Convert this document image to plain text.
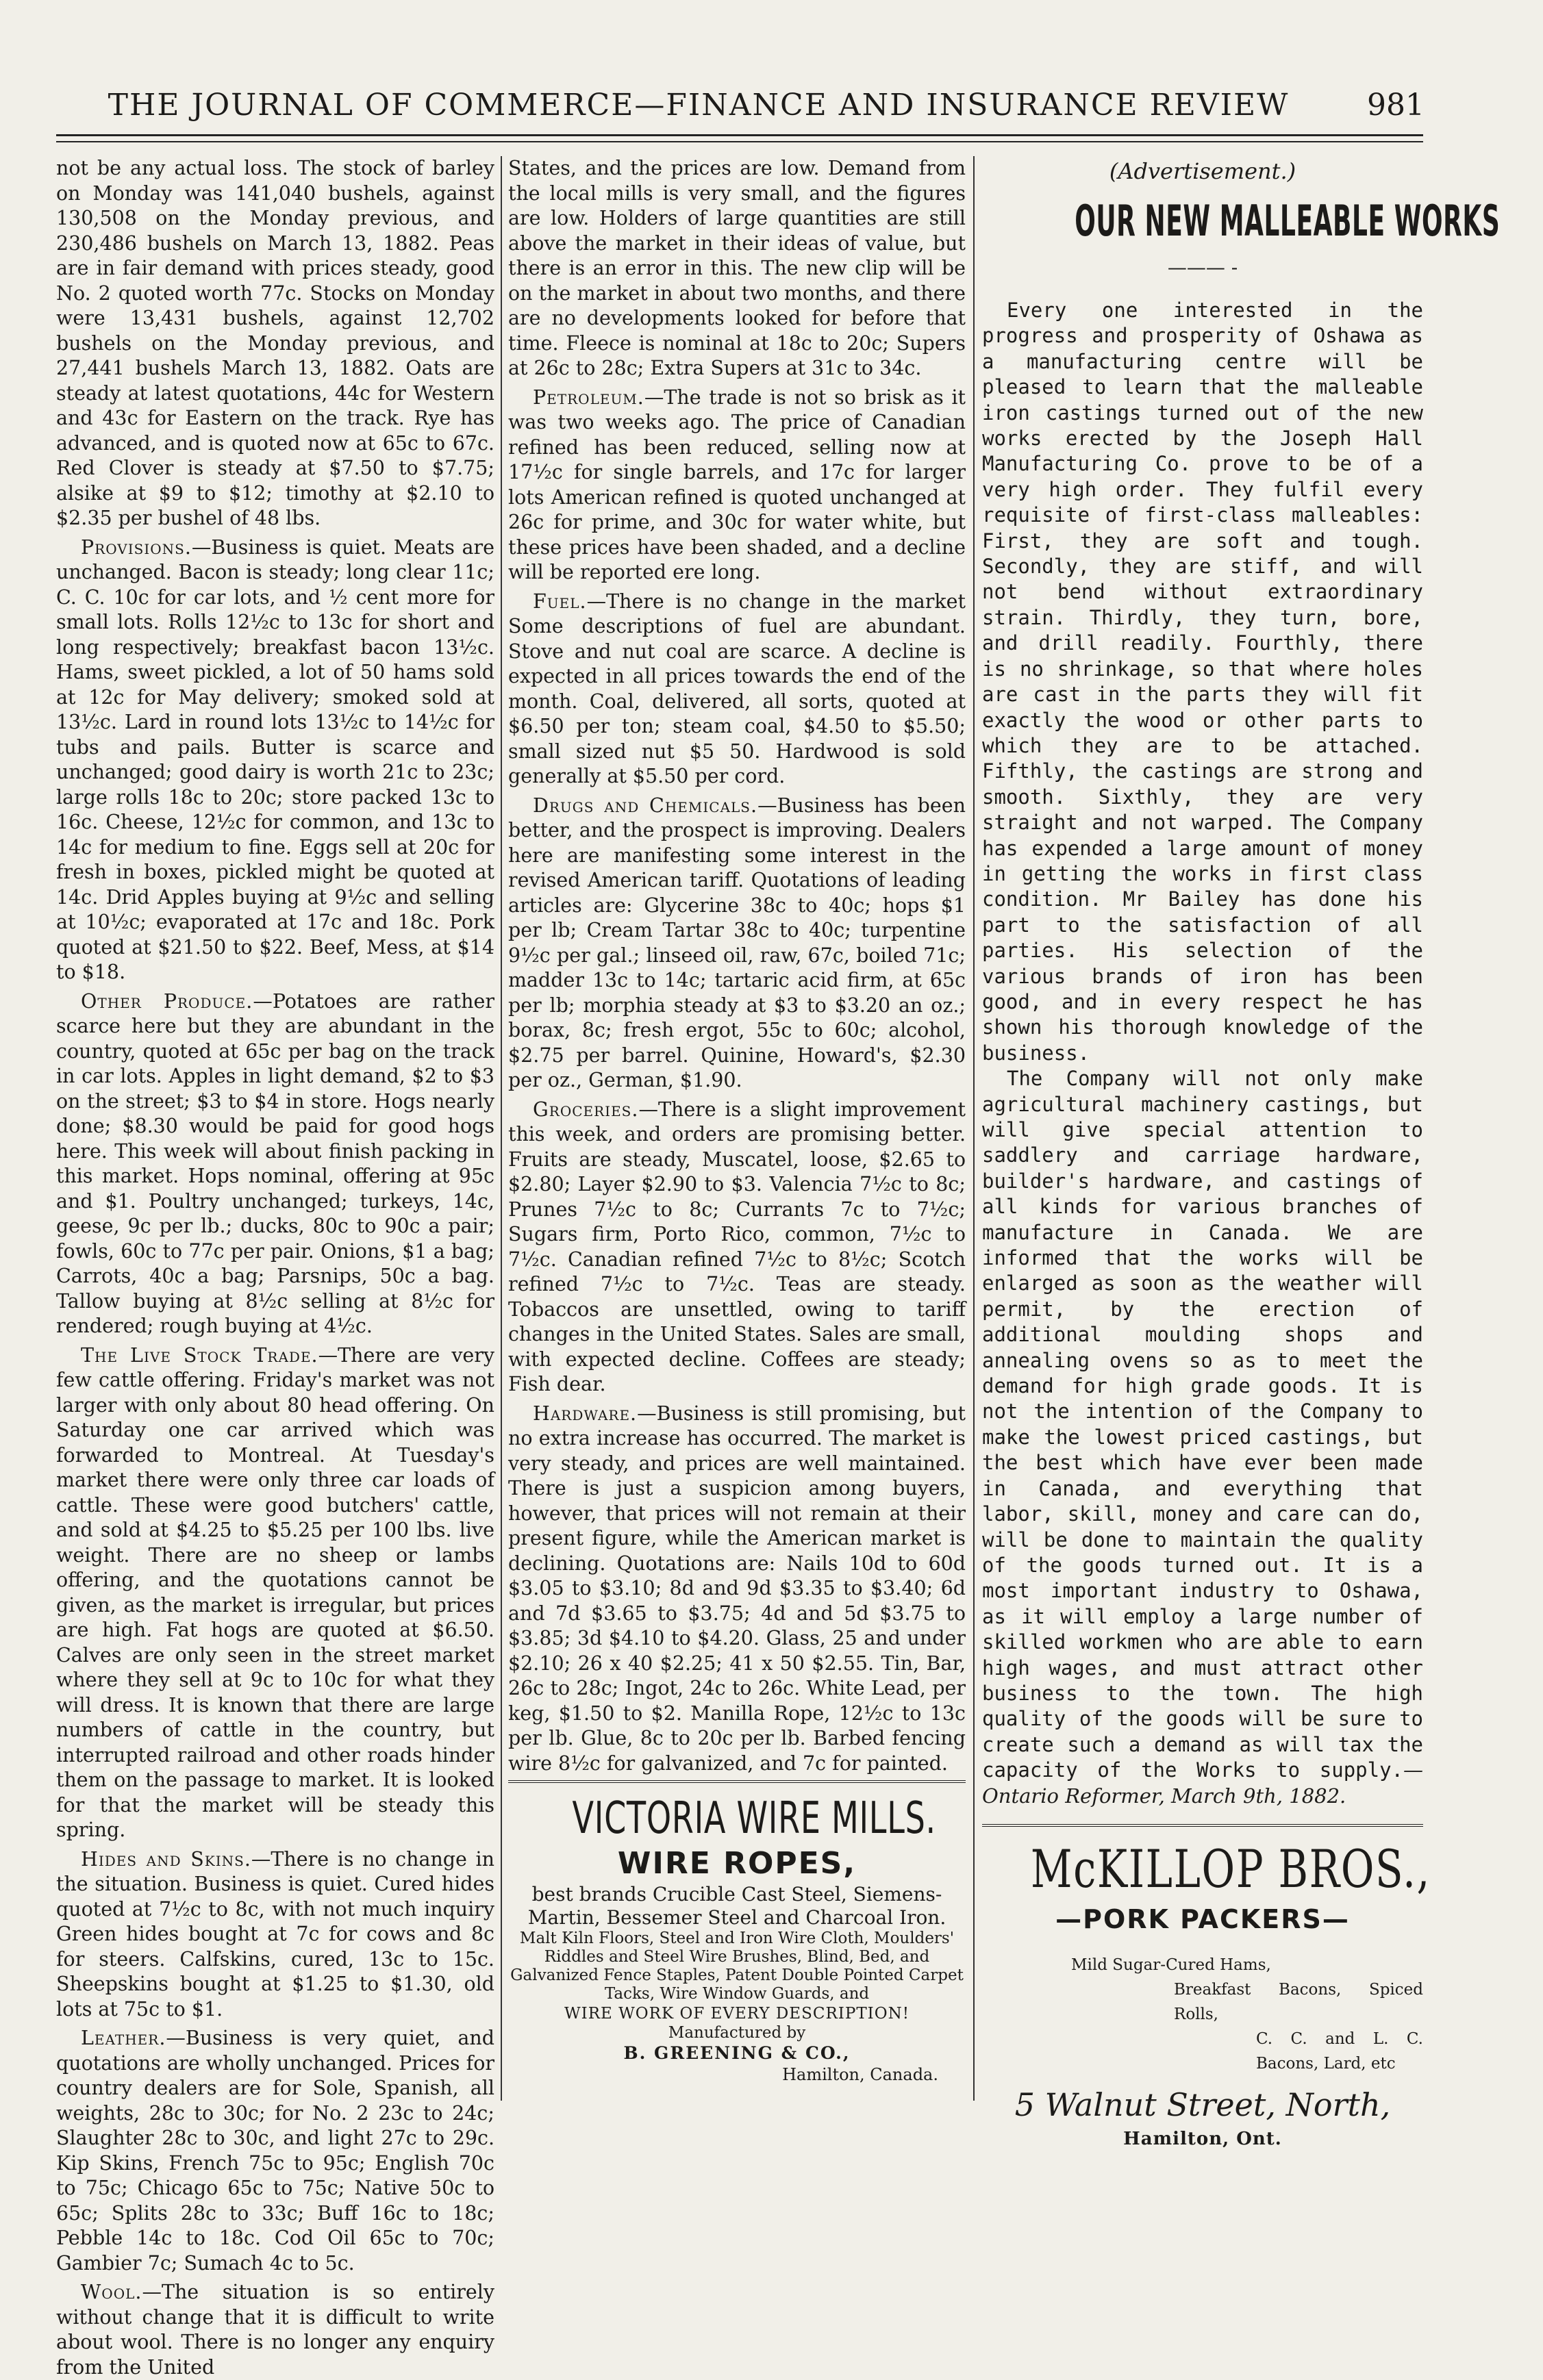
THE JOURNAL OF COMMERCE—FINANCE AND INSURANCE REVIEW	981

not be any actual loss. The stock of barley on Monday was 141,040 bushels, against 130,508 on the Monday previous, and 230,486 bushels on March 13, 1882. Peas are in fair demand with prices steady, good No. 2 quoted worth 77c. Stocks on Monday were 13,431 bushels, against 12,702 bushels on the Monday previous, and 27,441 bushels March 13, 1882. Oats are steady at latest quotations, 44c for Western and 43c for Eastern on the track. Rye has advanced, and is quoted now at 65c to 67c. Red Clover is steady at $7.50 to $7.75; alsike at $9 to $12; timothy at $2.10 to $2.35 per bushel of 48 lbs.

Provisions.—Business is quiet. Meats are unchanged. Bacon is steady; long clear 11c; C. C. 10c for car lots, and ½ cent more for small lots. Rolls 12½c to 13c for short and long respectively; breakfast bacon 13½c. Hams, sweet pickled, a lot of 50 hams sold at 12c for May delivery; smoked sold at 13½c. Lard in round lots 13½c to 14½c for tubs and pails. Butter is scarce and unchanged; good dairy is worth 21c to 23c; large rolls 18c to 20c; store packed 13c to 16c. Cheese, 12½c for common, and 13c to 14c for medium to fine. Eggs sell at 20c for fresh in boxes, pickled might be quoted at 14c. Drid Apples buying at 9½c and selling at 10½c; evaporated at 17c and 18c. Pork quoted at $21.50 to $22. Beef, Mess, at $14 to $18.

Other Produce.—Potatoes are rather scarce here but they are abundant in the country, quoted at 65c per bag on the track in car lots. Apples in light demand, $2 to $3 on the street; $3 to $4 in store. Hogs nearly done; $8.30 would be paid for good hogs here. This week will about finish packing in this market. Hops nominal, offering at 95c and $1. Poultry unchanged; turkeys, 14c, geese, 9c per lb.; ducks, 80c to 90c a pair; fowls, 60c to 77c per pair. Onions, $1 a bag; Carrots, 40c a bag; Parsnips, 50c a bag. Tallow buying at 8½c selling at 8½c for rendered; rough buying at 4½c.

The Live Stock Trade.—There are very few cattle offering. Friday's market was not larger with only about 80 head offering. On Saturday one car arrived which was forwarded to Montreal. At Tuesday's market there were only three car loads of cattle. These were good butchers' cattle, and sold at $4.25 to $5.25 per 100 lbs. live weight. There are no sheep or lambs offering, and the quotations cannot be given, as the market is irregular, but prices are high. Fat hogs are quoted at $6.50. Calves are only seen in the street market where they sell at 9c to 10c for what they will dress. It is known that there are large numbers of cattle in the country, but interrupted railroad and other roads hinder them on the passage to market. It is looked for that the market will be steady this spring.

Hides and Skins.—There is no change in the situation. Business is quiet. Cured hides quoted at 7½c to 8c, with not much inquiry Green hides bought at 7c for cows and 8c for steers. Calfskins, cured, 13c to 15c. Sheepskins bought at $1.25 to $1.30, old lots at 75c to $1.

Leather.—Business is very quiet, and quotations are wholly unchanged. Prices for country dealers are for Sole, Spanish, all weights, 28c to 30c; for No. 2 23c to 24c; Slaughter 28c to 30c, and light 27c to 29c. Kip Skins, French 75c to 95c; English 70c to 75c; Chicago 65c to 75c; Native 50c to 65c; Splits 28c to 33c; Buff 16c to 18c; Pebble 14c to 18c. Cod Oil 65c to 70c; Gambier 7c; Sumach 4c to 5c.

Wool.—The situation is so entirely without change that it is difficult to write about wool. There is no longer any enquiry from the United

States, and the prices are low. Demand from the local mills is very small, and the figures are low. Holders of large quantities are still above the market in their ideas of value, but there is an error in this. The new clip will be on the market in about two months, and there are no developments looked for before that time. Fleece is nominal at 18c to 20c; Supers at 26c to 28c; Extra Supers at 31c to 34c.

Petroleum.—The trade is not so brisk as it was two weeks ago. The price of Canadian refined has been reduced, selling now at 17½c for single barrels, and 17c for larger lots American refined is quoted unchanged at 26c for prime, and 30c for water white, but these prices have been shaded, and a decline will be reported ere long.

Fuel.—There is no change in the market Some descriptions of fuel are abundant. Stove and nut coal are scarce. A decline is expected in all prices towards the end of the month. Coal, delivered, all sorts, quoted at $6.50 per ton; steam coal, $4.50 to $5.50; small sized nut $5 50. Hardwood is sold generally at $5.50 per cord.

Drugs and Chemicals.—Business has been better, and the prospect is improving. Dealers here are manifesting some interest in the revised American tariff. Quotations of leading articles are: Glycerine 38c to 40c; hops $1 per lb; Cream Tartar 38c to 40c; turpentine 9½c per gal.; linseed oil, raw, 67c, boiled 71c; madder 13c to 14c; tartaric acid firm, at 65c per lb; morphia steady at $3 to $3.20 an oz.; borax, 8c; fresh ergot, 55c to 60c; alcohol, $2.75 per barrel. Quinine, Howard's, $2.30 per oz., German, $1.90.

Groceries.—There is a slight improvement this week, and orders are promising better. Fruits are steady, Muscatel, loose, $2.65 to $2.80; Layer $2.90 to $3. Valencia 7½c to 8c; Prunes 7½c to 8c; Currants 7c to 7½c; Sugars firm, Porto Rico, common, 7½c to 7½c. Canadian refined 7½c to 8½c; Scotch refined 7½c to 7½c. Teas are steady. Tobaccos are unsettled, owing to tariff changes in the United States. Sales are small, with expected decline. Coffees are steady; Fish dear.

Hardware.—Business is still promising, but no extra increase has occurred. The market is very steady, and prices are well maintained. There is just a suspicion among buyers, however, that prices will not remain at their present figure, while the American market is declining. Quotations are: Nails 10d to 60d $3.05 to $3.10; 8d and 9d $3.35 to $3.40; 6d and 7d $3.65 to $3.75; 4d and 5d $3.75 to $3.85; 3d $4.10 to $4.20. Glass, 25 and under $2.10; 26 x 40 $2.25; 41 x 50 $2.55. Tin, Bar, 26c to 28c; Ingot, 24c to 26c. White Lead, per keg, $1.50 to $2. Manilla Rope, 12½c to 13c per lb. Glue, 8c to 20c per lb. Barbed fencing wire 8½c for galvanized, and 7c for painted.

VICTORIA WIRE MILLS.
WIRE ROPES,
best brands Crucible Cast Steel, Siemens-Martin, Bessemer Steel and Charcoal Iron.
Malt Kiln Floors, Steel and Iron Wire Cloth, Moulders' Riddles and Steel Wire Brushes, Blind, Bed, and Galvanized Fence Staples, Patent Double Pointed Carpet Tacks, Wire Window Guards, and
WIRE WORK OF EVERY DESCRIPTION!
Manufactured by
B. GREENING & CO.,
Hamilton, Canada.
(Advertisement.)
OUR NEW MALLEABLE WORKS
——— -

Every one interested in the progress and prosperity of Oshawa as a manufacturing centre will be pleased to learn that the malleable iron castings turned out of the new works erected by the Joseph Hall Manufacturing Co. prove to be of a very high order. They fulfil every requisite of first-class malleables: First, they are soft and tough. Secondly, they are stiff, and will not bend without extraordinary strain. Thirdly, they turn, bore, and drill readily. Fourthly, there is no shrinkage, so that where holes are cast in the parts they will fit exactly the wood or other parts to which they are to be attached. Fifthly, the castings are strong and smooth. Sixthly, they are very straight and not warped. The Company has expended a large amount of money in getting the works in first class condition. Mr Bailey has done his part to the satisfaction of all parties. His selection of the various brands of iron has been good, and in every respect he has shown his thorough knowledge of the business.

The Company will not only make agricultural machinery castings, but will give special attention to saddlery and carriage hardware, builder's hardware, and castings of all kinds for various branches of manufacture in Canada. We are informed that the works will be enlarged as soon as the weather will permit, by the erection of additional moulding shops and annealing ovens so as to meet the demand for high grade goods. It is not the intention of the Company to make the lowest priced castings, but the best which have ever been made in Canada, and everything that labor, skill, money and care can do, will be done to maintain the quality of the goods turned out. It is a most important industry to Oshawa, as it will employ a large number of skilled workmen who are able to earn high wages, and must attract other business to the town. The high quality of the goods will be sure to create such a demand as will tax the capacity of the Works to supply.—Ontario Reformer, March 9th, 1882.

McKILLOP BROS.,
—PORK PACKERS—
Mild Sugar-Cured Hams,
Breakfast Bacons, Spiced Rolls,
C. C. and L. C. Bacons, Lard, etc
5 Walnut Street, North,
Hamilton, Ont.
